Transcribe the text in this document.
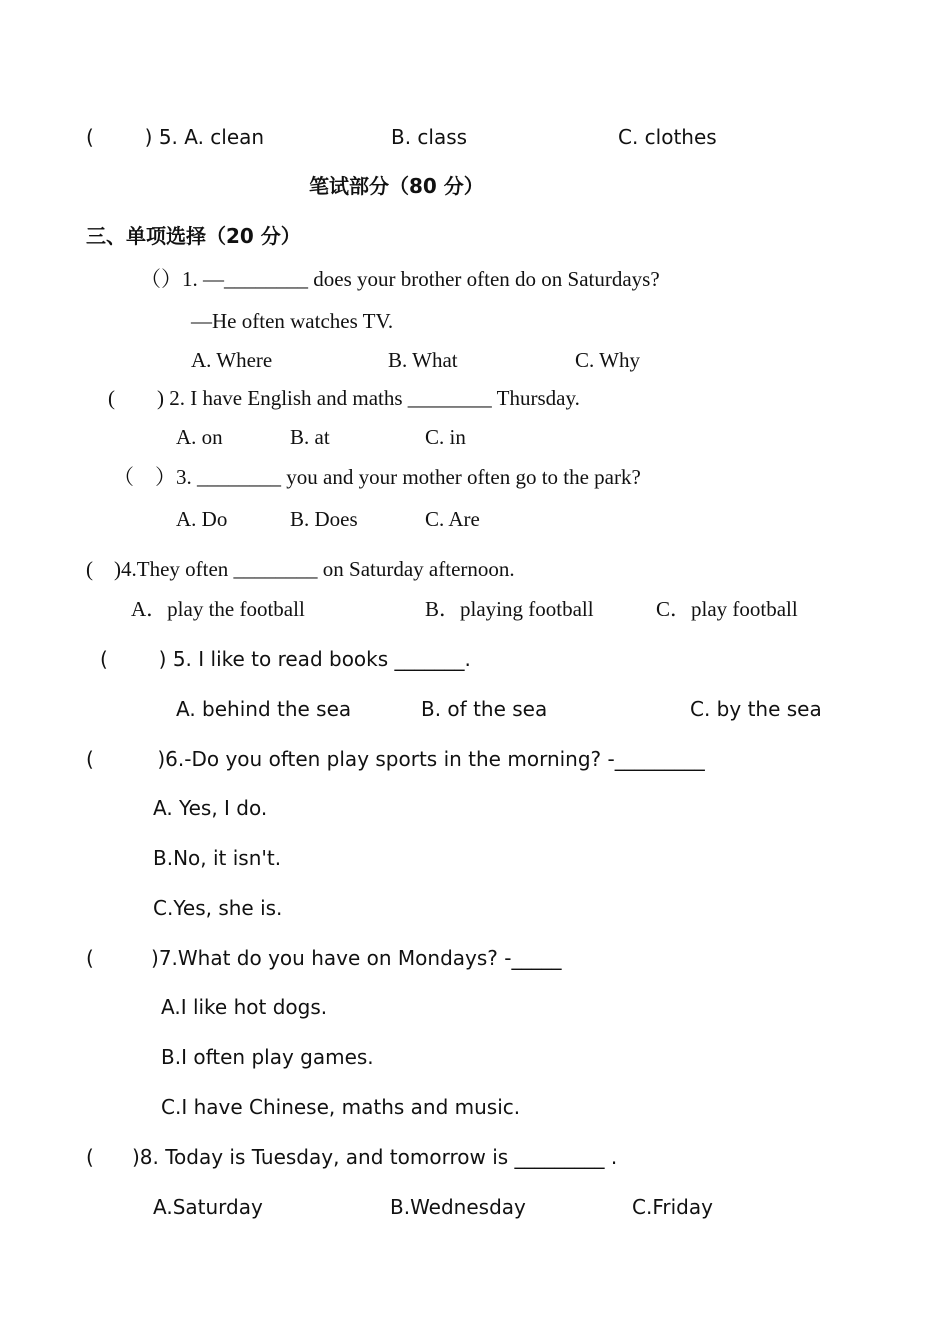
(        ) 5. A. clean	B. class	C. clothes
笔试部分（80 分）
三、单项选择（20 分）
（）1. —________ does your brother often do on Saturdays?
—He often watches TV.
A. Where	B. What	C. Why
(        ) 2. I have English and maths ________ Thursday.
A. on	B. at	C. in
（    ）3. ________ you and your mother often go to the park?
A. Do	B. Does	C. Are
(    )4.They often ________ on Saturday afternoon.
A．play the football	B．playing football	C．play football
(        ) 5. I like to read books _______.
A. behind the sea	B. of the sea	C. by the sea
(          )6.-Do you often play sports in the morning? -_________
A. Yes, I do.
B.No, it isn't.
C.Yes, she is.
(         )7.What do you have on Mondays? -_____
A.I like hot dogs.
B.I often play games.
C.I have Chinese, maths and music.
(      )8. Today is Tuesday, and tomorrow is _________ .
A.Saturday	B.Wednesday	C.Friday
